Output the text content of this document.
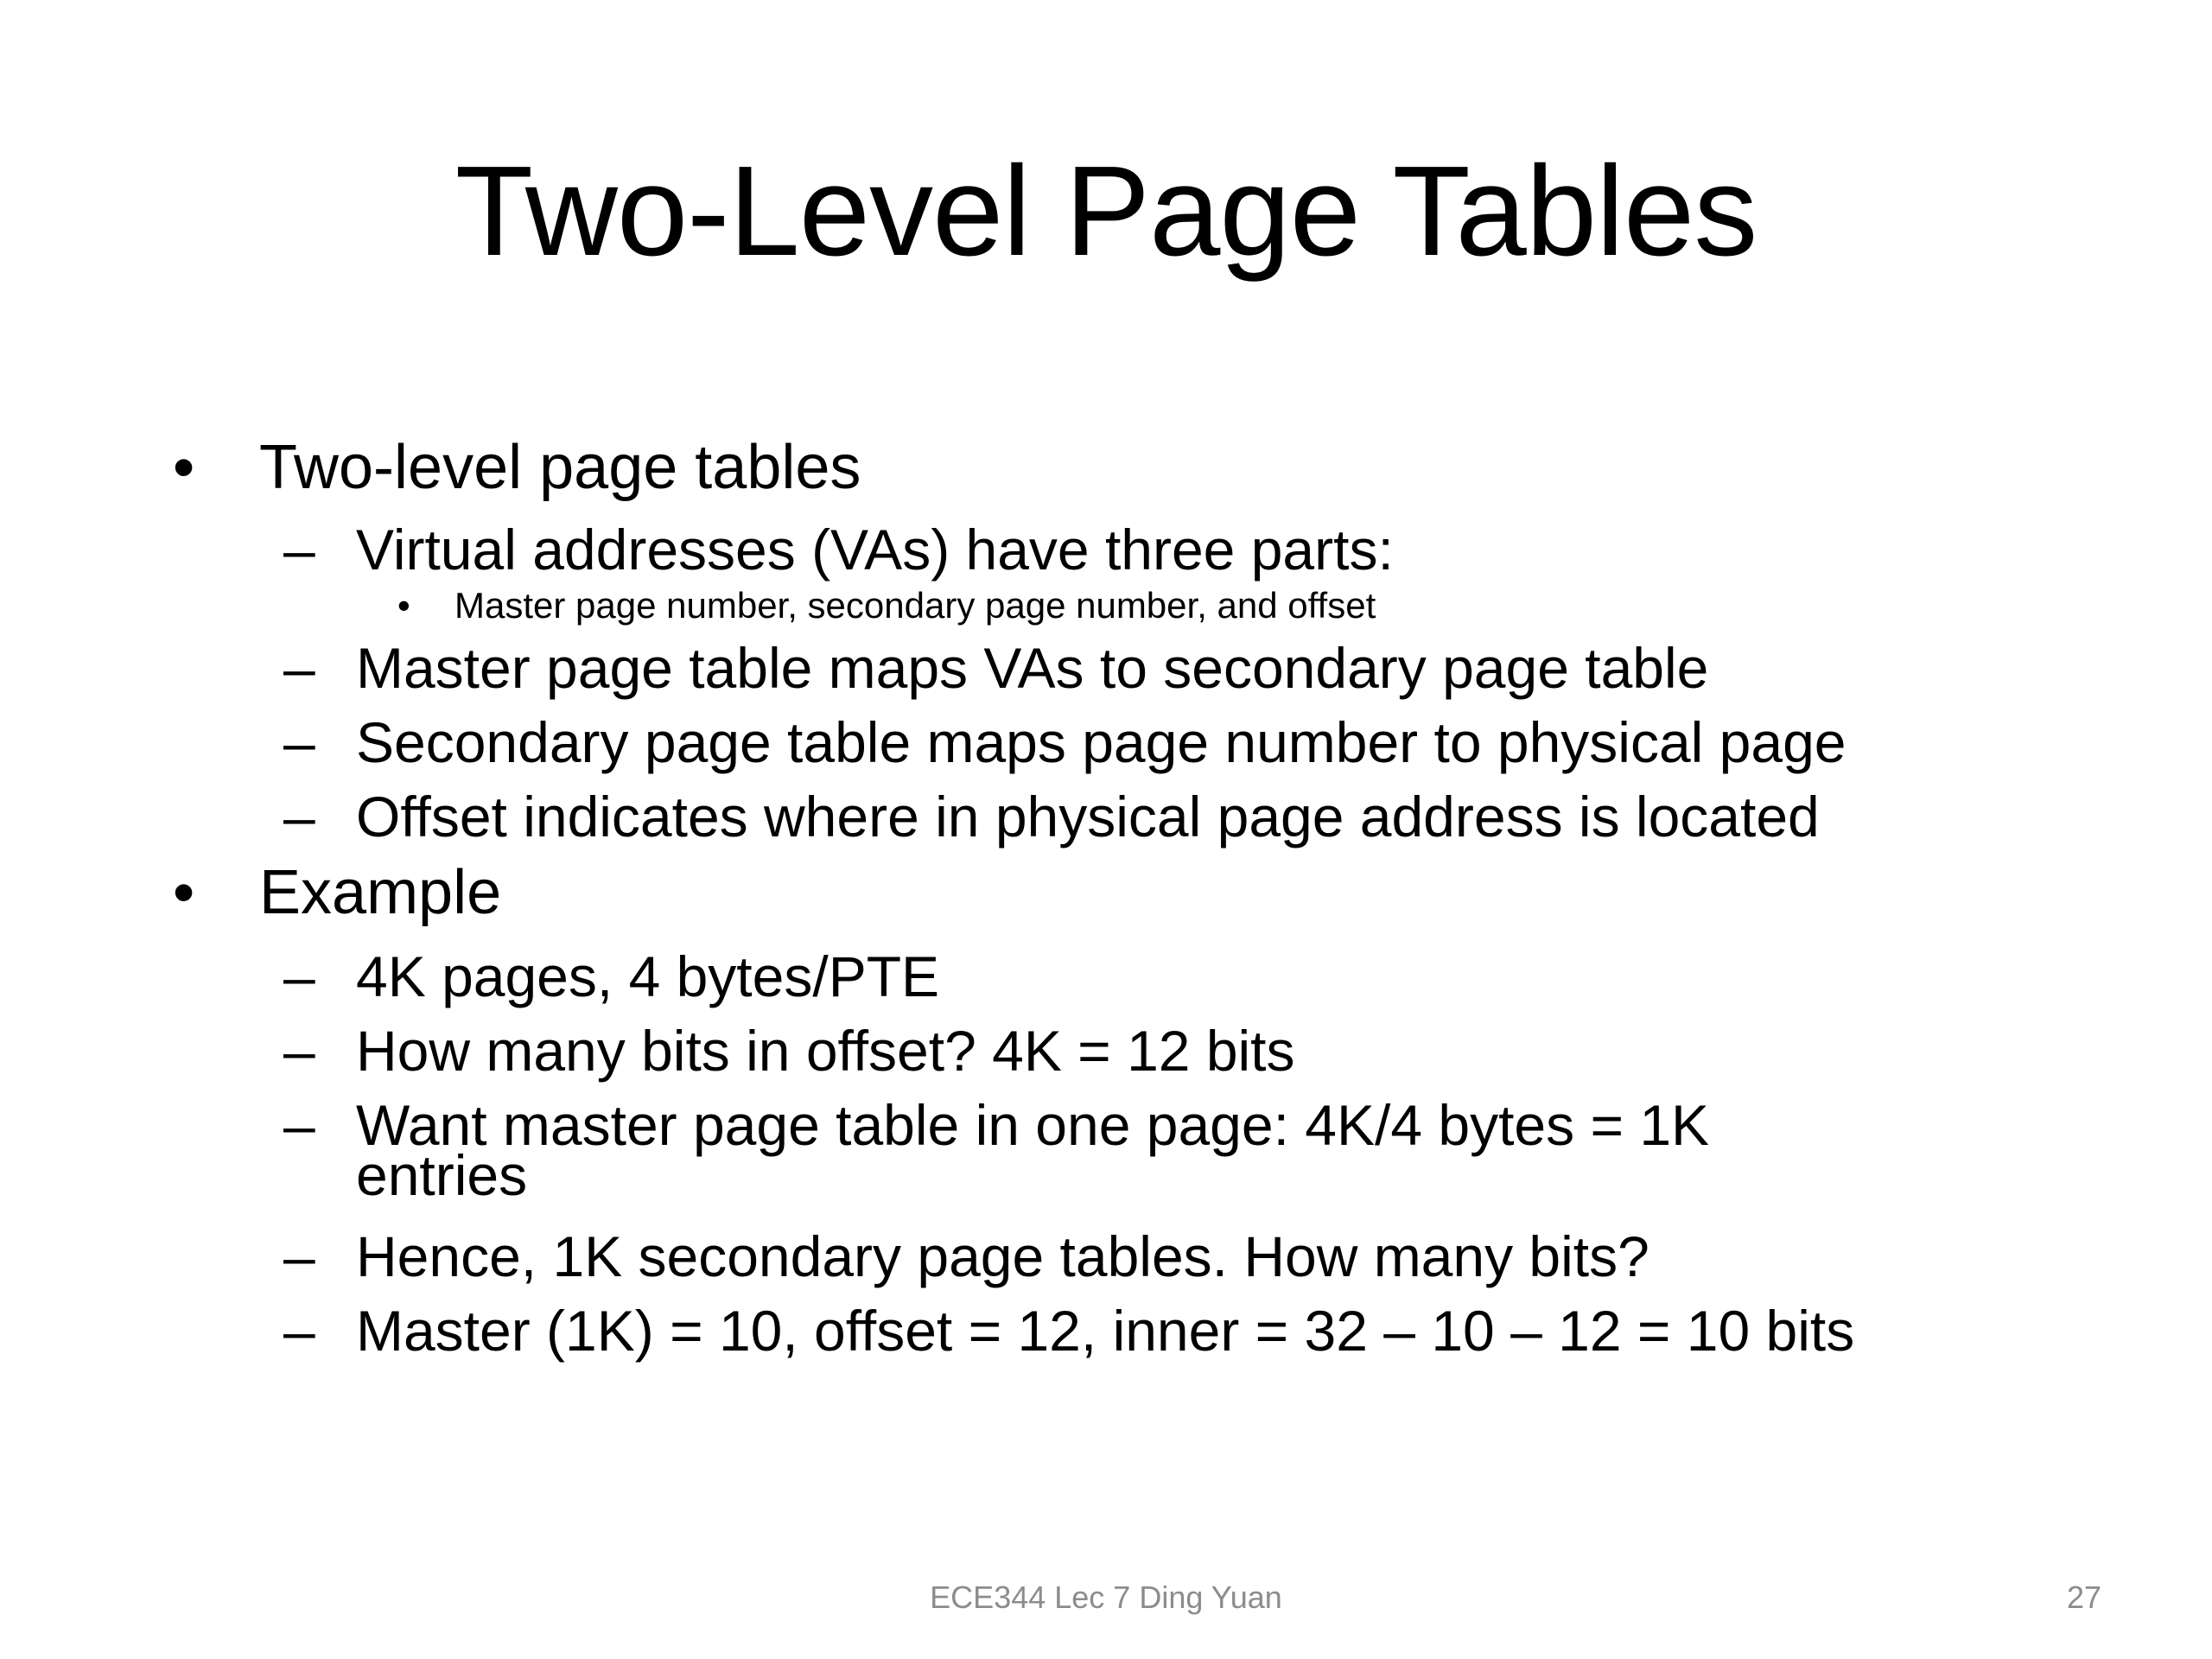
Two-Level Page Tables
• Two-level page tables
– Virtual addresses (VAs) have three parts:
• Master page number, secondary page number, and offset
– Master page table maps VAs to secondary page table
– Secondary page table maps page number to physical page
– Offset indicates where in physical page address is located
• Example
– 4K pages, 4 bytes/PTE
– How many bits in offset? 4K = 12 bits
– Want master page table in one page: 4K/4 bytes = 1K
entries
– Hence, 1K secondary page tables. How many bits?
– Master (1K) = 10, offset = 12, inner = 32 – 10 – 12 = 10 bits
ECE344 Lec 7 Ding Yuan	27
